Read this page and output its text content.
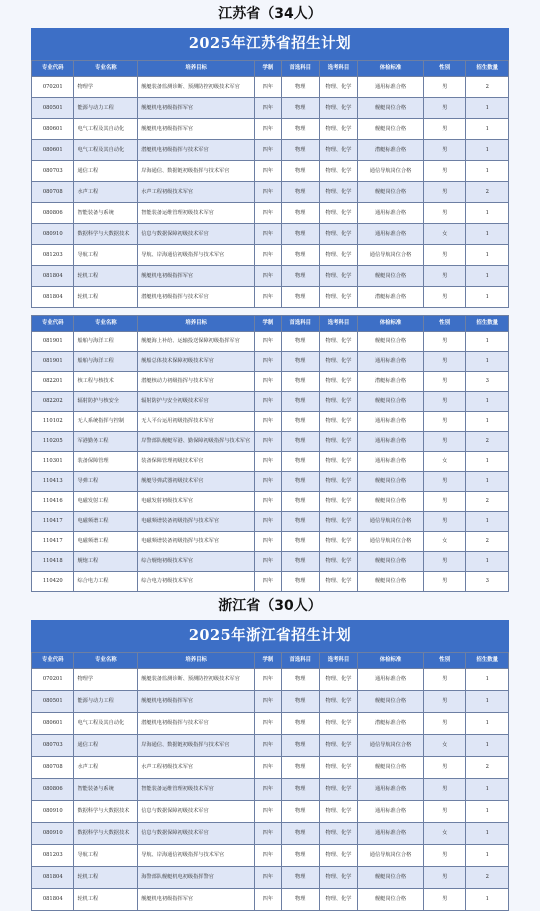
江苏省（34人）
2025年江苏省招生计划
专业代码	专业名称	培养目标	学制	首选科目	选考科目	体检标准	性别	招生数量
070201	物理学	舰艇装备监测诊断、预测防控初级技术军官	四年	物理	物理、化学	通用标准合格	男	2
080501	能源与动力工程	舰艇机电初级指挥军官	四年	物理	物理、化学	舰艇岗位合格	男	1
080601	电气工程及其自动化	舰艇机电初级指挥军官	四年	物理	物理、化学	舰艇岗位合格	男	1
080601	电气工程及其自动化	潜艇机电初级指挥与技术军官	四年	物理	物理、化学	潜艇标准合格	男	1
080703	通信工程	岸海通信、数据链初级指挥与技术军官	四年	物理	物理、化学	通信导航岗位合格	男	1
080708	水声工程	水声工程初级技术军官	四年	物理	物理、化学	舰艇岗位合格	男	2
080806	智能装备与系统	智能装备运维管理初级技术军官	四年	物理	物理、化学	通用标准合格	男	1
080910	数据科学与大数据技术	信息与数据保障初级技术军官	四年	物理	物理、化学	通用标准合格	女	1
081203	导航工程	导航、岸海通信初级指挥与技术军官	四年	物理	物理、化学	通信导航岗位合格	男	1
081804	轮机工程	舰艇机电初级指挥军官	四年	物理	物理、化学	舰艇岗位合格	男	1
081804	轮机工程	潜艇机电初级指挥与技术军官	四年	物理	物理、化学	潜艇标准合格	男	1
专业代码	专业名称	培养目标	学制	首选科目	选考科目	体检标准	性别	招生数量
081901	船舶与海洋工程	舰艇海上补给、运输投送保障初级指挥军官	四年	物理	物理、化学	舰艇岗位合格	男	1
081901	船舶与海洋工程	舰船总体技术保障初级技术军官	四年	物理	物理、化学	通用标准合格	男	1
082201	核工程与核技术	潜艇核动力初级指挥与技术军官	四年	物理	物理、化学	潜艇标准合格	男	3
082202	辐射防护与核安全	辐射防护与安全初级技术军官	四年	物理	物理、化学	舰艇岗位合格	男	1
110102	无人系统指挥与控制	无人平台运用初级指挥技术军官	四年	物理	物理、化学	通用标准合格	男	1
110205	军港勤务工程	岸警部队舰艇军港、勤保障初级指挥与技术军官	四年	物理	物理、化学	通用标准合格	男	2
110301	装备保障管理	装备保障管理初级技术军官	四年	物理	物理、化学	通用标准合格	女	1
110413	导弹工程	舰艇导弹武器初级技术军官	四年	物理	物理、化学	舰艇岗位合格	男	1
110416	电磁发射工程	电磁发射初级技术军官	四年	物理	物理、化学	舰艇岗位合格	男	2
110417	电磁频谱工程	电磁频谱装备初级指挥与技术军官	四年	物理	物理、化学	通信导航岗位合格	男	1
110417	电磁频谱工程	电磁频谱装备初级指挥与技术军官	四年	物理	物理、化学	通信导航岗位合格	女	2
110418	舰炮工程	综合舰炮初级技术军官	四年	物理	物理、化学	舰艇岗位合格	男	1
110420	综合电力工程	综合电力初级技术军官	四年	物理	物理、化学	舰艇岗位合格	男	3
浙江省（30人）
2025年浙江省招生计划
专业代码	专业名称	培养目标	学制	首选科目	选考科目	体检标准	性别	招生数量
070201	物理学	舰艇装备监测诊断、预测防控初级技术军官	四年	物理	物理、化学	通用标准合格	男	1
080501	能源与动力工程	舰艇机电初级指挥军官	四年	物理	物理、化学	舰艇岗位合格	男	1
080601	电气工程及其自动化	潜艇机电初级指挥与技术军官	四年	物理	物理、化学	潜艇标准合格	男	1
080703	通信工程	岸海通信、数据链初级指挥与技术军官	四年	物理	物理、化学	通信导航岗位合格	女	1
080708	水声工程	水声工程初级技术军官	四年	物理	物理、化学	舰艇岗位合格	男	2
080806	智能装备与系统	智能装备运维管理初级技术军官	四年	物理	物理、化学	通用标准合格	男	1
080910	数据科学与大数据技术	信息与数据保障初级技术军官	四年	物理	物理、化学	通用标准合格	男	1
080910	数据科学与大数据技术	信息与数据保障初级技术军官	四年	物理	物理、化学	通用标准合格	女	1
081203	导航工程	导航、岸海通信初级指挥与技术军官	四年	物理	物理、化学	通信导航岗位合格	男	1
081804	轮机工程	海警部队舰艇机电初级指挥警官	四年	物理	物理、化学	舰艇岗位合格	男	2
081804	轮机工程	舰艇机电初级指挥军官	四年	物理	物理、化学	舰艇岗位合格	男	1
